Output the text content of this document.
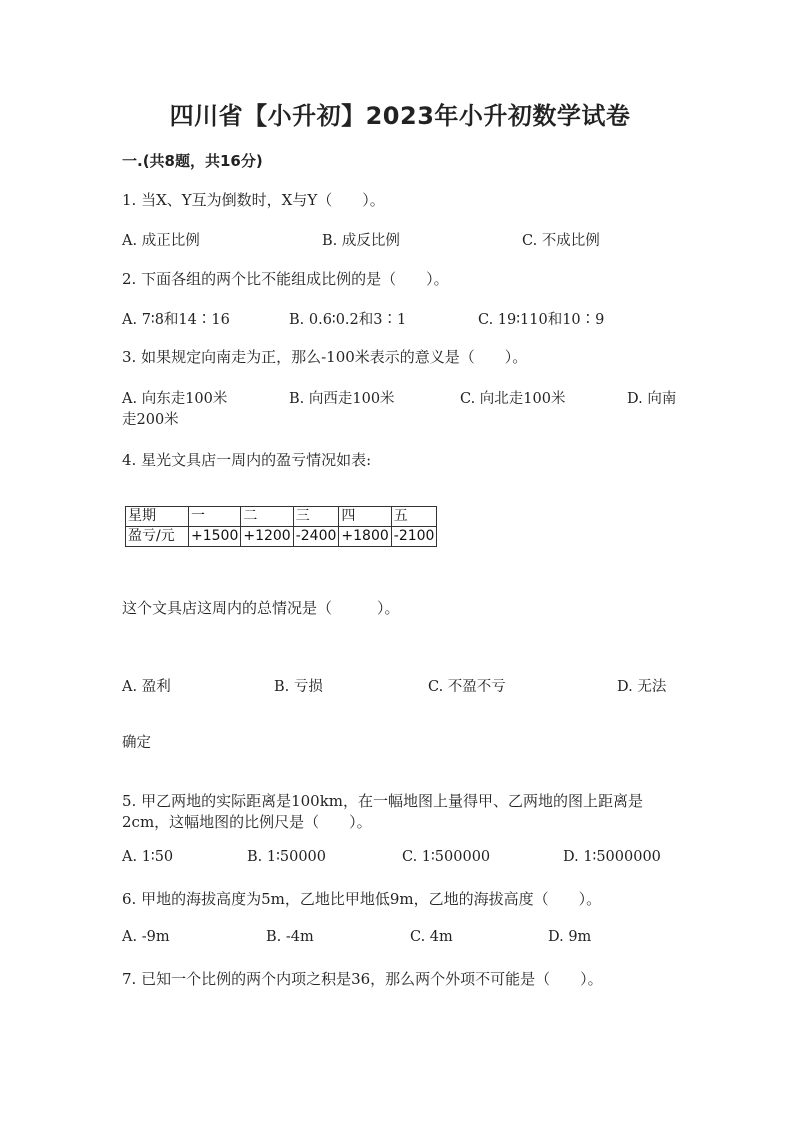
四川省【小升初】2023年小升初数学试卷
一.(共8题，共16分)
1. 当X、Y互为倒数时，X与Y（　　）。
A. 成正比例	B. 成反比例	C. 不成比例
2. 下面各组的两个比不能组成比例的是（　　）。
A. 7∶8和14∶16	B. 0.6∶0.2和3∶1	C. 19∶110和10∶9
3. 如果规定向南走为正，那么-100米表示的意义是（　　）。
A. 向东走100米	B. 向西走100米	C. 向北走100米	D. 向南
走200米
4. 星光文具店一周内的盈亏情况如表:
星期	一	二	三	四	五
盈亏/元	+1500	+1200	-2400	+1800	-2100
这个文具店这周内的总情况是（　　　）。
A. 盈利	B. 亏损	C. 不盈不亏	D. 无法
确定
5. 甲乙两地的实际距离是100km，在一幅地图上量得甲、乙两地的图上距离是
2cm，这幅地图的比例尺是（　　）。
A. 1∶50	B. 1∶50000	C. 1∶500000	D. 1∶5000000
6. 甲地的海拔高度为5m，乙地比甲地低9m，乙地的海拔高度（　　）。
A. -9m	B. -4m	C. 4m	D. 9m
7. 已知一个比例的两个内项之积是36，那么两个外项不可能是（　　）。
